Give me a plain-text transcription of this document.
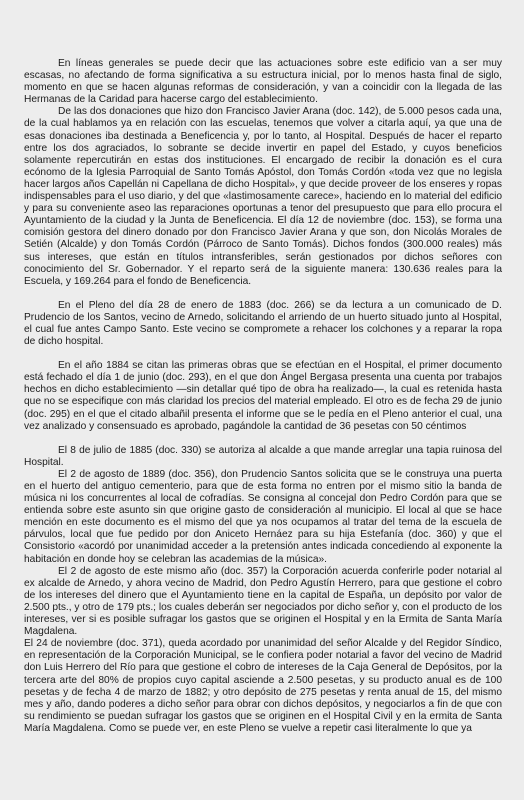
En líneas generales se puede decir que las actuaciones sobre este edificio van a ser muy escasas, no afectando de forma significativa a su estructura inicial, por lo menos hasta final de siglo, momento en que se hacen algunas reformas de consideración, y van a coincidir con la llegada de las Hermanas de la Caridad para hacerse cargo del establecimiento.

De las dos donaciones que hizo don Francisco Javier Arana (doc. 142), de 5.000 pesos cada una, de la cual hablamos ya en relación con las escuelas, tenemos que volver a citarla aquí, ya que una de esas donaciones iba destinada a Beneficencia y, por lo tanto, al Hospital. Después de hacer el reparto entre los dos agraciados, lo sobrante se decide invertir en papel del Estado, y cuyos beneficios solamente repercutirán en estas dos instituciones. El encargado de recibir la donación es el cura ecónomo de la Iglesia Parroquial de Santo Tomás Apóstol, don Tomás Cordón «toda vez que no legisla hacer largos años Capellán ni Capellana de dicho Hospital», y que decide proveer de los enseres y ropas indispensables para el uso diario, y del que «lastimosamente carece», haciendo en lo material del edificio y para su conveniente aseo las reparaciones oportunas a tenor del presupuesto que para ello procura el Ayuntamiento de la ciudad y la Junta de Beneficencia. El día 12 de noviembre (doc. 153), se forma una comisión gestora del dinero donado por don Francisco Javier Arana y que son, don Nicolás Morales de Setién (Alcalde) y don Tomás Cordón (Párroco de Santo Tomás). Dichos fondos (300.000 reales) más sus intereses, que están en títulos intransferibles, serán gestionados por dichos señores con conocimiento del Sr. Gobernador. Y el reparto será de la siguiente manera: 130.636 reales para la Escuela, y 169.264 para el fondo de Beneficencia.

En el Pleno del día 28 de enero de 1883 (doc. 266) se da lectura a un comunicado de D. Prudencio de los Santos, vecino de Arnedo, solicitando el arriendo de un huerto situado junto al Hospital, el cual fue antes Campo Santo. Este vecino se compromete a rehacer los colchones y a reparar la ropa de dicho hospital.

En el año 1884 se citan las primeras obras que se efectúan en el Hospital, el primer documento está fechado el día 1 de junio (doc. 293), en el que don Ángel Bergasa presenta una cuenta por trabajos hechos en dicho establecimiento —sin detallar qué tipo de obra ha realizado—, la cual es retenida hasta que no se especifique con más claridad los precios del material empleado. El otro es de fecha 29 de junio (doc. 295) en el que el citado albañil presenta el informe que se le pedía en el Pleno anterior el cual, una vez analizado y consensuado es aprobado, pagándole la cantidad de 36 pesetas con 50 céntimos

El 8 de julio de 1885 (doc. 330) se autoriza al alcalde a que mande arreglar una tapia ruinosa del Hospital.

El 2 de agosto de 1889 (doc. 356), don Prudencio Santos solicita que se le construya una puerta en el huerto del antiguo cementerio, para que de esta forma no entren por el mismo sitio la banda de música ni los concurrentes al local de cofradías. Se consigna al concejal don Pedro Cordón para que se entienda sobre este asunto sin que origine gasto de consideración al municipio. El local al que se hace mención en este documento es el mismo del que ya nos ocupamos al tratar del tema de la escuela de párvulos, local que fue pedido por don Aniceto Hernáez para su hija Estefanía (doc. 360) y que el Consistorio «acordó por unanimidad acceder a la pretensión antes indicada concediendo al exponente la habitación en donde hoy se celebran las academias de la música».

El 2 de agosto de este mismo año (doc. 357) la Corporación acuerda conferirle poder notarial al ex alcalde de Arnedo, y ahora vecino de Madrid, don Pedro Agustín Herrero, para que gestione el cobro de los intereses del dinero que el Ayuntamiento tiene en la capital de España, un depósito por valor de 2.500 pts., y otro de 179 pts.; los cuales deberán ser negociados por dicho señor y, con el producto de los intereses, ver si es posible sufragar los gastos que se originen el Hospital y en la Ermita de Santa María Magdalena.

El 24 de noviembre (doc. 371), queda acordado por unanimidad del señor Alcalde y del Regidor Síndico, en representación de la Corporación Municipal, se le confiera poder notarial a favor del vecino de Madrid don Luis Herrero del Río para que gestione el cobro de intereses de la Caja General de Depósitos, por la tercera arte del 80% de propios cuyo capital asciende a 2.500 pesetas, y su producto anual es de 100 pesetas y de fecha 4 de marzo de 1882; y otro depósito de 275 pesetas y renta anual de 15, del mismo mes y año, dando poderes a dicho señor para obrar con dichos depósitos, y negociarlos a fin de que con su rendimiento se puedan sufragar los gastos que se originen en el Hospital Civil y en la ermita de Santa María Magdalena. Como se puede ver, en este Pleno se vuelve a repetir casi literalmente lo que ya
